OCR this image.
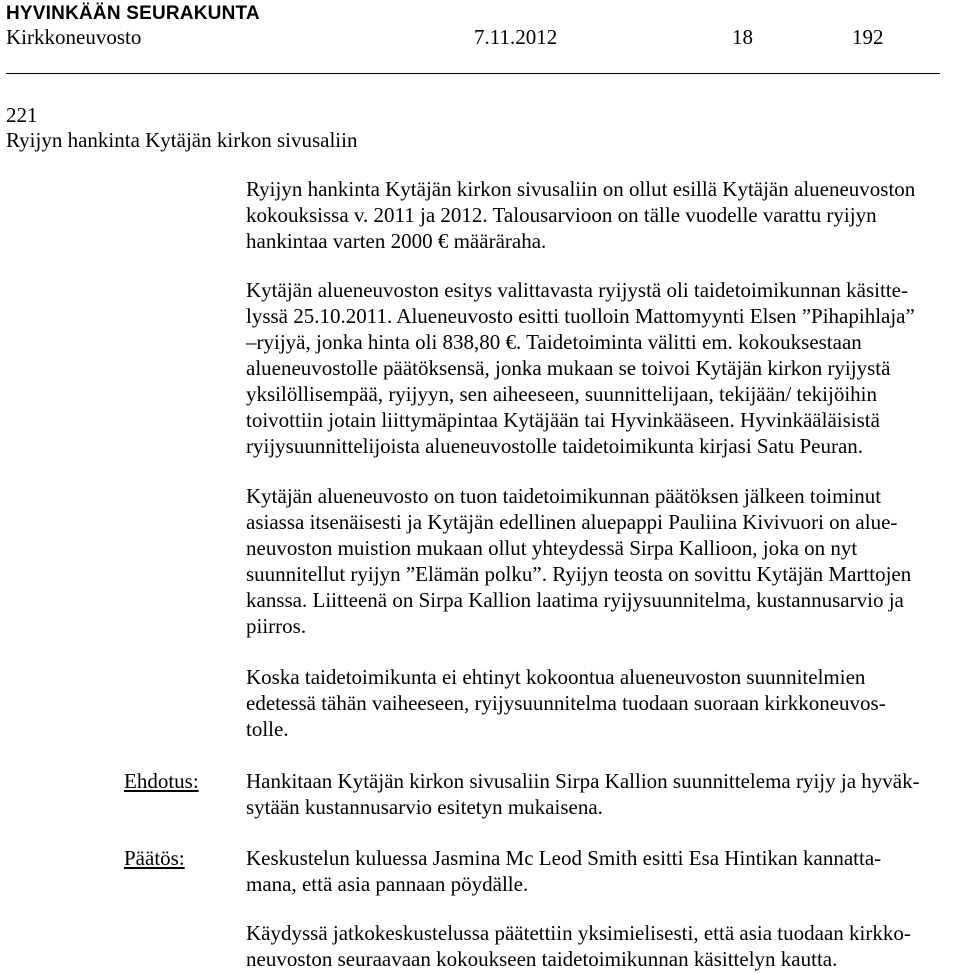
HYVINKÄÄN SEURAKUNTA
Kirkkoneuvosto	7.11.2012	18	192
221
Ryijyn hankinta Kytäjän kirkon sivusaliin

Ryijyn hankinta Kytäjän kirkon sivusaliin on ollut esillä Kytäjän alueneuvoston
kokouksissa v. 2011 ja 2012. Talousarvioon on tälle vuodelle varattu ryijyn
hankintaa varten 2000 € määräraha.

Kytäjän alueneuvoston esitys valittavasta ryijystä oli taidetoimikunnan käsitte-
lyssä 25.10.2011. Alueneuvosto esitti tuolloin Mattomyynti Elsen ”Pihapihlaja”
–ryijyä, jonka hinta oli 838,80 €. Taidetoiminta välitti em. kokouksestaan
alueneuvostolle päätöksensä, jonka mukaan se toivoi Kytäjän kirkon ryijystä
yksilöllisempää, ryijyyn, sen aiheeseen, suunnittelijaan, tekijään/ tekijöihin
toivottiin jotain liittymäpintaa Kytäjään tai Hyvinkääseen. Hyvinkääläisistä
ryijysuunnittelijoista alueneuvostolle taidetoimikunta kirjasi Satu Peuran.

Kytäjän alueneuvosto on tuon taidetoimikunnan päätöksen jälkeen toiminut
asiassa itsenäisesti ja Kytäjän edellinen aluepappi Pauliina Kivivuori on alue-
neuvoston muistion mukaan ollut yhteydessä Sirpa Kallioon, joka on nyt
suunnitellut ryijyn ”Elämän polku”. Ryijyn teosta on sovittu Kytäjän Marttojen
kanssa. Liitteenä on Sirpa Kallion laatima ryijysuunnitelma, kustannusarvio ja
piirros.

Koska taidetoimikunta ei ehtinyt kokoontua alueneuvoston suunnitelmien
edetessä tähän vaiheeseen, ryijysuunnitelma tuodaan suoraan kirkkoneuvos-
tolle.

Ehdotus: Hankitaan Kytäjän kirkon sivusaliin Sirpa Kallion suunnittelema ryijy ja hyväk-
sytään kustannusarvio esitetyn mukaisena.

Päätös:	Keskustelun kuluessa Jasmina Mc Leod Smith esitti Esa Hintikan kannatta-
mana, että asia pannaan pöydälle.

Käydyssä jatkokeskustelussa päätettiin yksimielisesti, että asia tuodaan kirkko-
neuvoston seuraavaan kokoukseen taidetoimikunnan käsittelyn kautta.
